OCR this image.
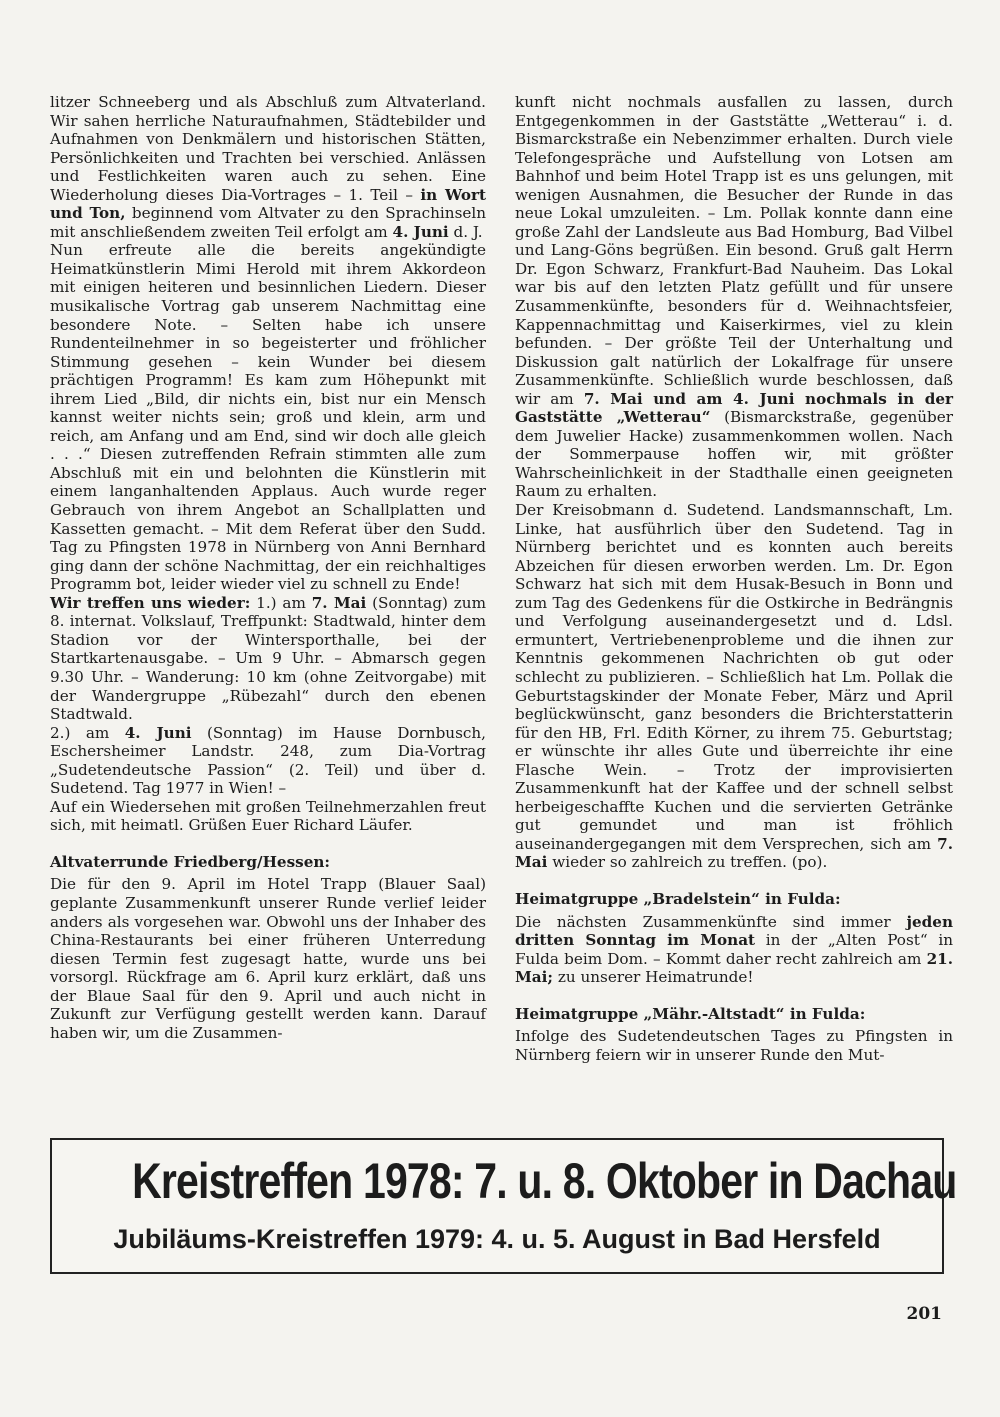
litzer Schneeberg und als Abschluß zum Altvaterland. Wir sahen herrliche Naturaufnahmen, Städtebilder und Aufnahmen von Denkmälern und historischen Stätten, Persönlichkeiten und Trachten bei verschied. Anlässen und Festlichkeiten waren auch zu sehen. Eine Wiederholung dieses Dia-Vortrages – 1. Teil – in Wort und Ton, beginnend vom Altvater zu den Sprachinseln mit anschließendem zweiten Teil erfolgt am 4. Juni d. J.

Nun erfreute alle die bereits angekündigte Heimatkünstlerin Mimi Herold mit ihrem Akkordeon mit einigen heiteren und besinnlichen Liedern. Dieser musikalische Vortrag gab unserem Nachmittag eine besondere Note. – Selten habe ich unsere Rundenteilnehmer in so begeisterter und fröhlicher Stimmung gesehen – kein Wunder bei diesem prächtigen Programm! Es kam zum Höhepunkt mit ihrem Lied „Bild, dir nichts ein, bist nur ein Mensch kannst weiter nichts sein; groß und klein, arm und reich, am Anfang und am End, sind wir doch alle gleich . . .“ Diesen zutreffenden Refrain stimmten alle zum Abschluß mit ein und belohnten die Künstlerin mit einem langanhaltenden Applaus. Auch wurde reger Gebrauch von ihrem Angebot an Schallplatten und Kassetten gemacht. – Mit dem Referat über den Sudd. Tag zu Pfingsten 1978 in Nürnberg von Anni Bernhard ging dann der schöne Nachmittag, der ein reichhaltiges Programm bot, leider wieder viel zu schnell zu Ende!

Wir treffen uns wieder: 1.) am 7. Mai (Sonntag) zum 8. internat. Volkslauf, Treffpunkt: Stadtwald, hinter dem Stadion vor der Wintersporthalle, bei der Startkartenausgabe. – Um 9 Uhr. – Abmarsch gegen 9.30 Uhr. – Wanderung: 10 km (ohne Zeitvorgabe) mit der Wandergruppe „Rübezahl“ durch den ebenen Stadtwald.

2.) am 4. Juni (Sonntag) im Hause Dornbusch, Eschersheimer Landstr. 248, zum Dia-Vortrag „Sudetendeutsche Passion“ (2. Teil) und über d. Sudetend. Tag 1977 in Wien! –

Auf ein Wiedersehen mit großen Teilnehmerzahlen freut sich, mit heimatl. Grüßen Euer Richard Läufer.

Altvaterrunde Friedberg/Hessen:

Die für den 9. April im Hotel Trapp (Blauer Saal) geplante Zusammenkunft unserer Runde verlief leider anders als vorgesehen war. Obwohl uns der Inhaber des China-Restaurants bei einer früheren Unterredung diesen Termin fest zugesagt hatte, wurde uns bei vorsorgl. Rückfrage am 6. April kurz erklärt, daß uns der Blaue Saal für den 9. April und auch nicht in Zukunft zur Verfügung gestellt werden kann. Darauf haben wir, um die Zusammen-

kunft nicht nochmals ausfallen zu lassen, durch Entgegenkommen in der Gaststätte „Wetterau“ i. d. Bismarckstraße ein Nebenzimmer erhalten. Durch viele Telefongespräche und Aufstellung von Lotsen am Bahnhof und beim Hotel Trapp ist es uns gelungen, mit wenigen Ausnahmen, die Besucher der Runde in das neue Lokal umzuleiten. – Lm. Pollak konnte dann eine große Zahl der Landsleute aus Bad Homburg, Bad Vilbel und Lang-Göns begrüßen. Ein besond. Gruß galt Herrn Dr. Egon Schwarz, Frankfurt-Bad Nauheim. Das Lokal war bis auf den letzten Platz gefüllt und für unsere Zusammenkünfte, besonders für d. Weihnachtsfeier, Kappennachmittag und Kaiserkirmes, viel zu klein befunden. – Der größte Teil der Unterhaltung und Diskussion galt natürlich der Lokalfrage für unsere Zusammenkünfte. Schließlich wurde beschlossen, daß wir am 7. Mai und am 4. Juni nochmals in der Gaststätte „Wetterau“ (Bismarckstraße, gegenüber dem Juwelier Hacke) zusammenkommen wollen. Nach der Sommerpause hoffen wir, mit größter Wahrscheinlichkeit in der Stadthalle einen geeigneten Raum zu erhalten.

Der Kreisobmann d. Sudetend. Landsmannschaft, Lm. Linke, hat ausführlich über den Sudetend. Tag in Nürnberg berichtet und es konnten auch bereits Abzeichen für diesen erworben werden. Lm. Dr. Egon Schwarz hat sich mit dem Husak-Besuch in Bonn und zum Tag des Gedenkens für die Ostkirche in Bedrängnis und Verfolgung auseinandergesetzt und d. Ldsl. ermuntert, Vertriebenenprobleme und die ihnen zur Kenntnis gekommenen Nachrichten ob gut oder schlecht zu publizieren. – Schließlich hat Lm. Pollak die Geburtstagskinder der Monate Feber, März und April beglückwünscht, ganz besonders die Brichterstatterin für den HB, Frl. Edith Körner, zu ihrem 75. Geburtstag; er wünschte ihr alles Gute und überreichte ihr eine Flasche Wein. – Trotz der improvisierten Zusammenkunft hat der Kaffee und der schnell selbst herbeigeschaffte Kuchen und die servierten Getränke gut gemundet und man ist fröhlich auseinandergegangen mit dem Versprechen, sich am 7. Mai wieder so zahlreich zu treffen. (po).

Heimatgruppe „Bradelstein“ in Fulda:

Die nächsten Zusammenkünfte sind immer jeden dritten Sonntag im Monat in der „Alten Post“ in Fulda beim Dom. – Kommt daher recht zahlreich am 21. Mai; zu unserer Heimatrunde!

Heimatgruppe „Mähr.-Altstadt“ in Fulda:

Infolge des Sudetendeutschen Tages zu Pfingsten in Nürnberg feiern wir in unserer Runde den Mut-

Kreistreffen 1978: 7. u. 8. Oktober in Dachau
Jubiläums-Kreistreffen 1979: 4. u. 5. August in Bad Hersfeld
201
